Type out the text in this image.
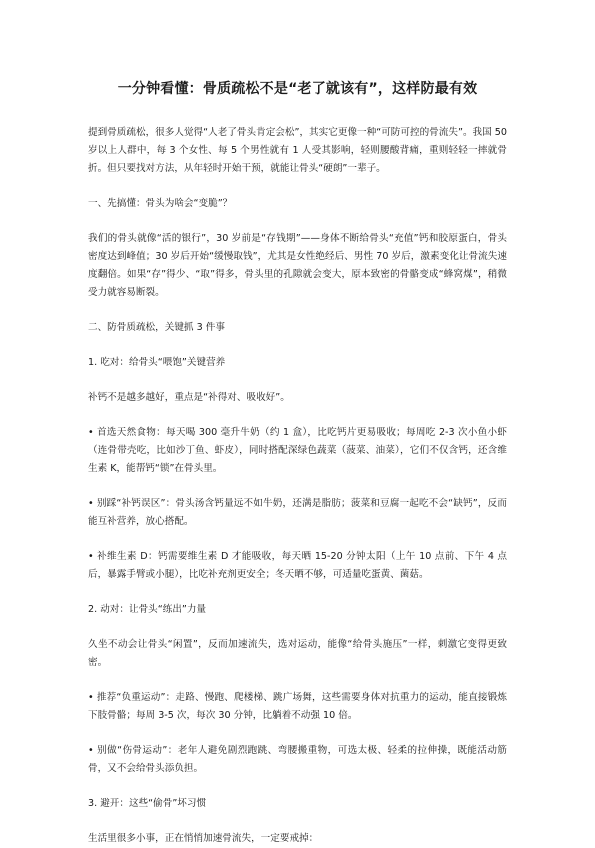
一分钟看懂：骨质疏松不是“老了就该有”，这样防最有效

提到骨质疏松，很多人觉得“人老了骨头肯定会松”，其实它更像一种“可防可控的骨流失”。我国 50 岁以上人群中，每 3 个女性、每 5 个男性就有 1 人受其影响，轻则腰酸背痛，重则轻轻一摔就骨折。但只要找对方法，从年轻时开始干预，就能让骨头“硬朗”一辈子。

一、先搞懂：骨头为啥会“变脆”？

我们的骨头就像“活的银行”，30 岁前是“存钱期”——身体不断给骨头“充值”钙和胶原蛋白，骨头密度达到峰值；30 岁后开始“缓慢取钱”，尤其是女性绝经后、男性 70 岁后，激素变化让骨流失速度翻倍。如果“存”得少、“取”得多，骨头里的孔隙就会变大，原本致密的骨骼变成“蜂窝煤”，稍微受力就容易断裂。

二、防骨质疏松，关键抓 3 件事

1. 吃对：给骨头“喂饱”关键营养

补钙不是越多越好，重点是“补得对、吸收好”。

• 首选天然食物：每天喝 300 毫升牛奶（约 1 盒），比吃钙片更易吸收；每周吃 2-3 次小鱼小虾（连骨带壳吃，比如沙丁鱼、虾皮），同时搭配深绿色蔬菜（菠菜、油菜），它们不仅含钙，还含维生素 K，能帮钙“锁”在骨头里。

• 别踩“补钙误区”：骨头汤含钙量远不如牛奶，还满是脂肪；菠菜和豆腐一起吃不会“缺钙”，反而能互补营养，放心搭配。

• 补维生素 D：钙需要维生素 D 才能吸收，每天晒 15-20 分钟太阳（上午 10 点前、下午 4 点后，暴露手臂或小腿），比吃补充剂更安全；冬天晒不够，可适量吃蛋黄、菌菇。

2. 动对：让骨头“练出”力量

久坐不动会让骨头“闲置”，反而加速流失，选对运动，能像“给骨头施压”一样，刺激它变得更致密。

• 推荐“负重运动”：走路、慢跑、爬楼梯、跳广场舞，这些需要身体对抗重力的运动，能直接锻炼下肢骨骼；每周 3-5 次，每次 30 分钟，比躺着不动强 10 倍。

• 别做“伤骨运动”：老年人避免剧烈跑跳、弯腰搬重物，可选太极、轻柔的拉伸操，既能活动筋骨，又不会给骨头添负担。

3. 避开：这些“偷骨”坏习惯

生活里很多小事，正在悄悄加速骨流失，一定要戒掉：
